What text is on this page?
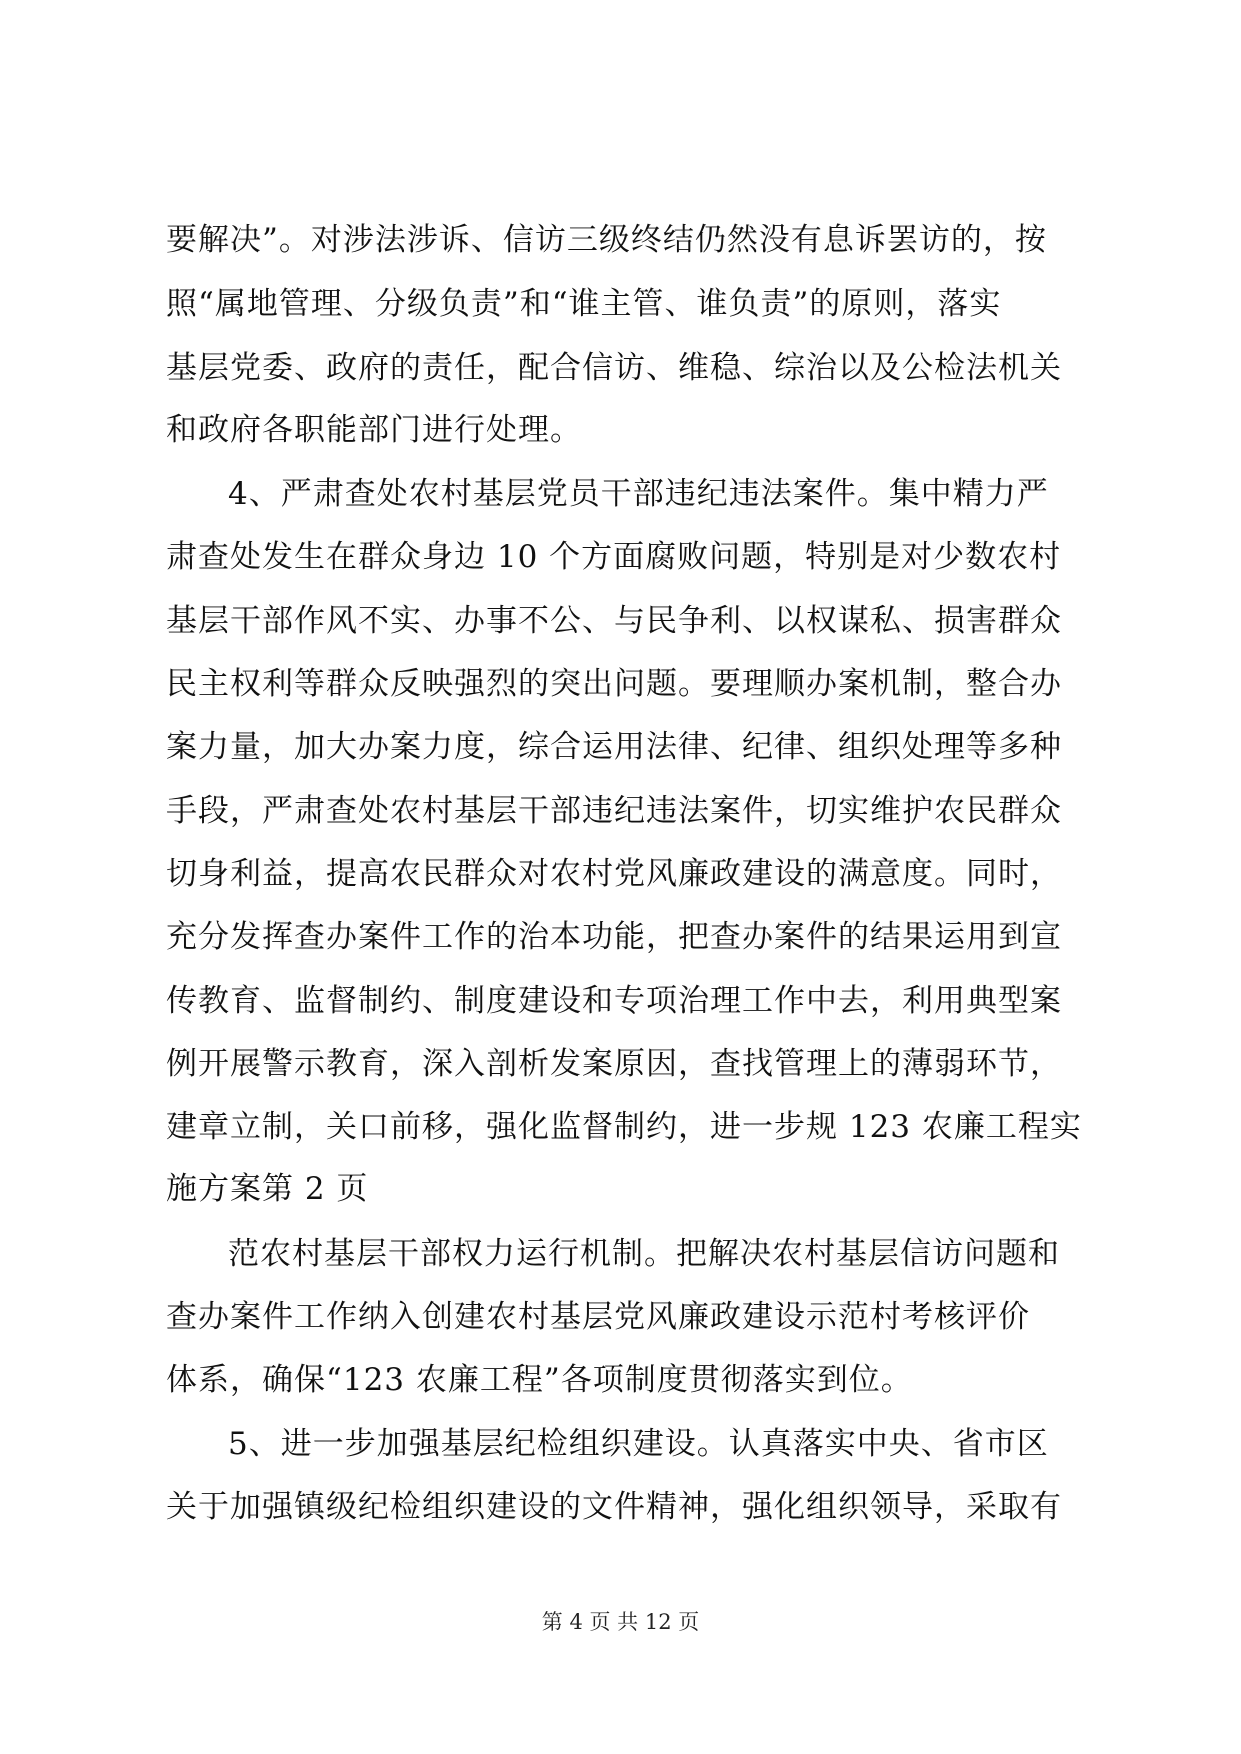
要解决”。对涉法涉诉、信访三级终结仍然没有息诉罢访的，按
照“属地管理、分级负责”和“谁主管、谁负责”的原则，落实
基层党委、政府的责任，配合信访、维稳、综治以及公检法机关
和政府各职能部门进行处理。
4、严肃查处农村基层党员干部违纪违法案件。集中精力严
肃查处发生在群众身边 10 个方面腐败问题，特别是对少数农村
基层干部作风不实、办事不公、与民争利、以权谋私、损害群众
民主权利等群众反映强烈的突出问题。要理顺办案机制，整合办
案力量，加大办案力度，综合运用法律、纪律、组织处理等多种
手段，严肃查处农村基层干部违纪违法案件，切实维护农民群众
切身利益，提高农民群众对农村党风廉政建设的满意度。同时，
充分发挥查办案件工作的治本功能，把查办案件的结果运用到宣
传教育、监督制约、制度建设和专项治理工作中去，利用典型案
例开展警示教育，深入剖析发案原因，查找管理上的薄弱环节，
建章立制，关口前移，强化监督制约，进一步规 123 农廉工程实
施方案第 2 页
范农村基层干部权力运行机制。把解决农村基层信访问题和
查办案件工作纳入创建农村基层党风廉政建设示范村考核评价
体系，确保“123 农廉工程”各项制度贯彻落实到位。
5、进一步加强基层纪检组织建设。认真落实中央、省市区
关于加强镇级纪检组织建设的文件精神，强化组织领导，采取有
第 4 页 共 12 页
